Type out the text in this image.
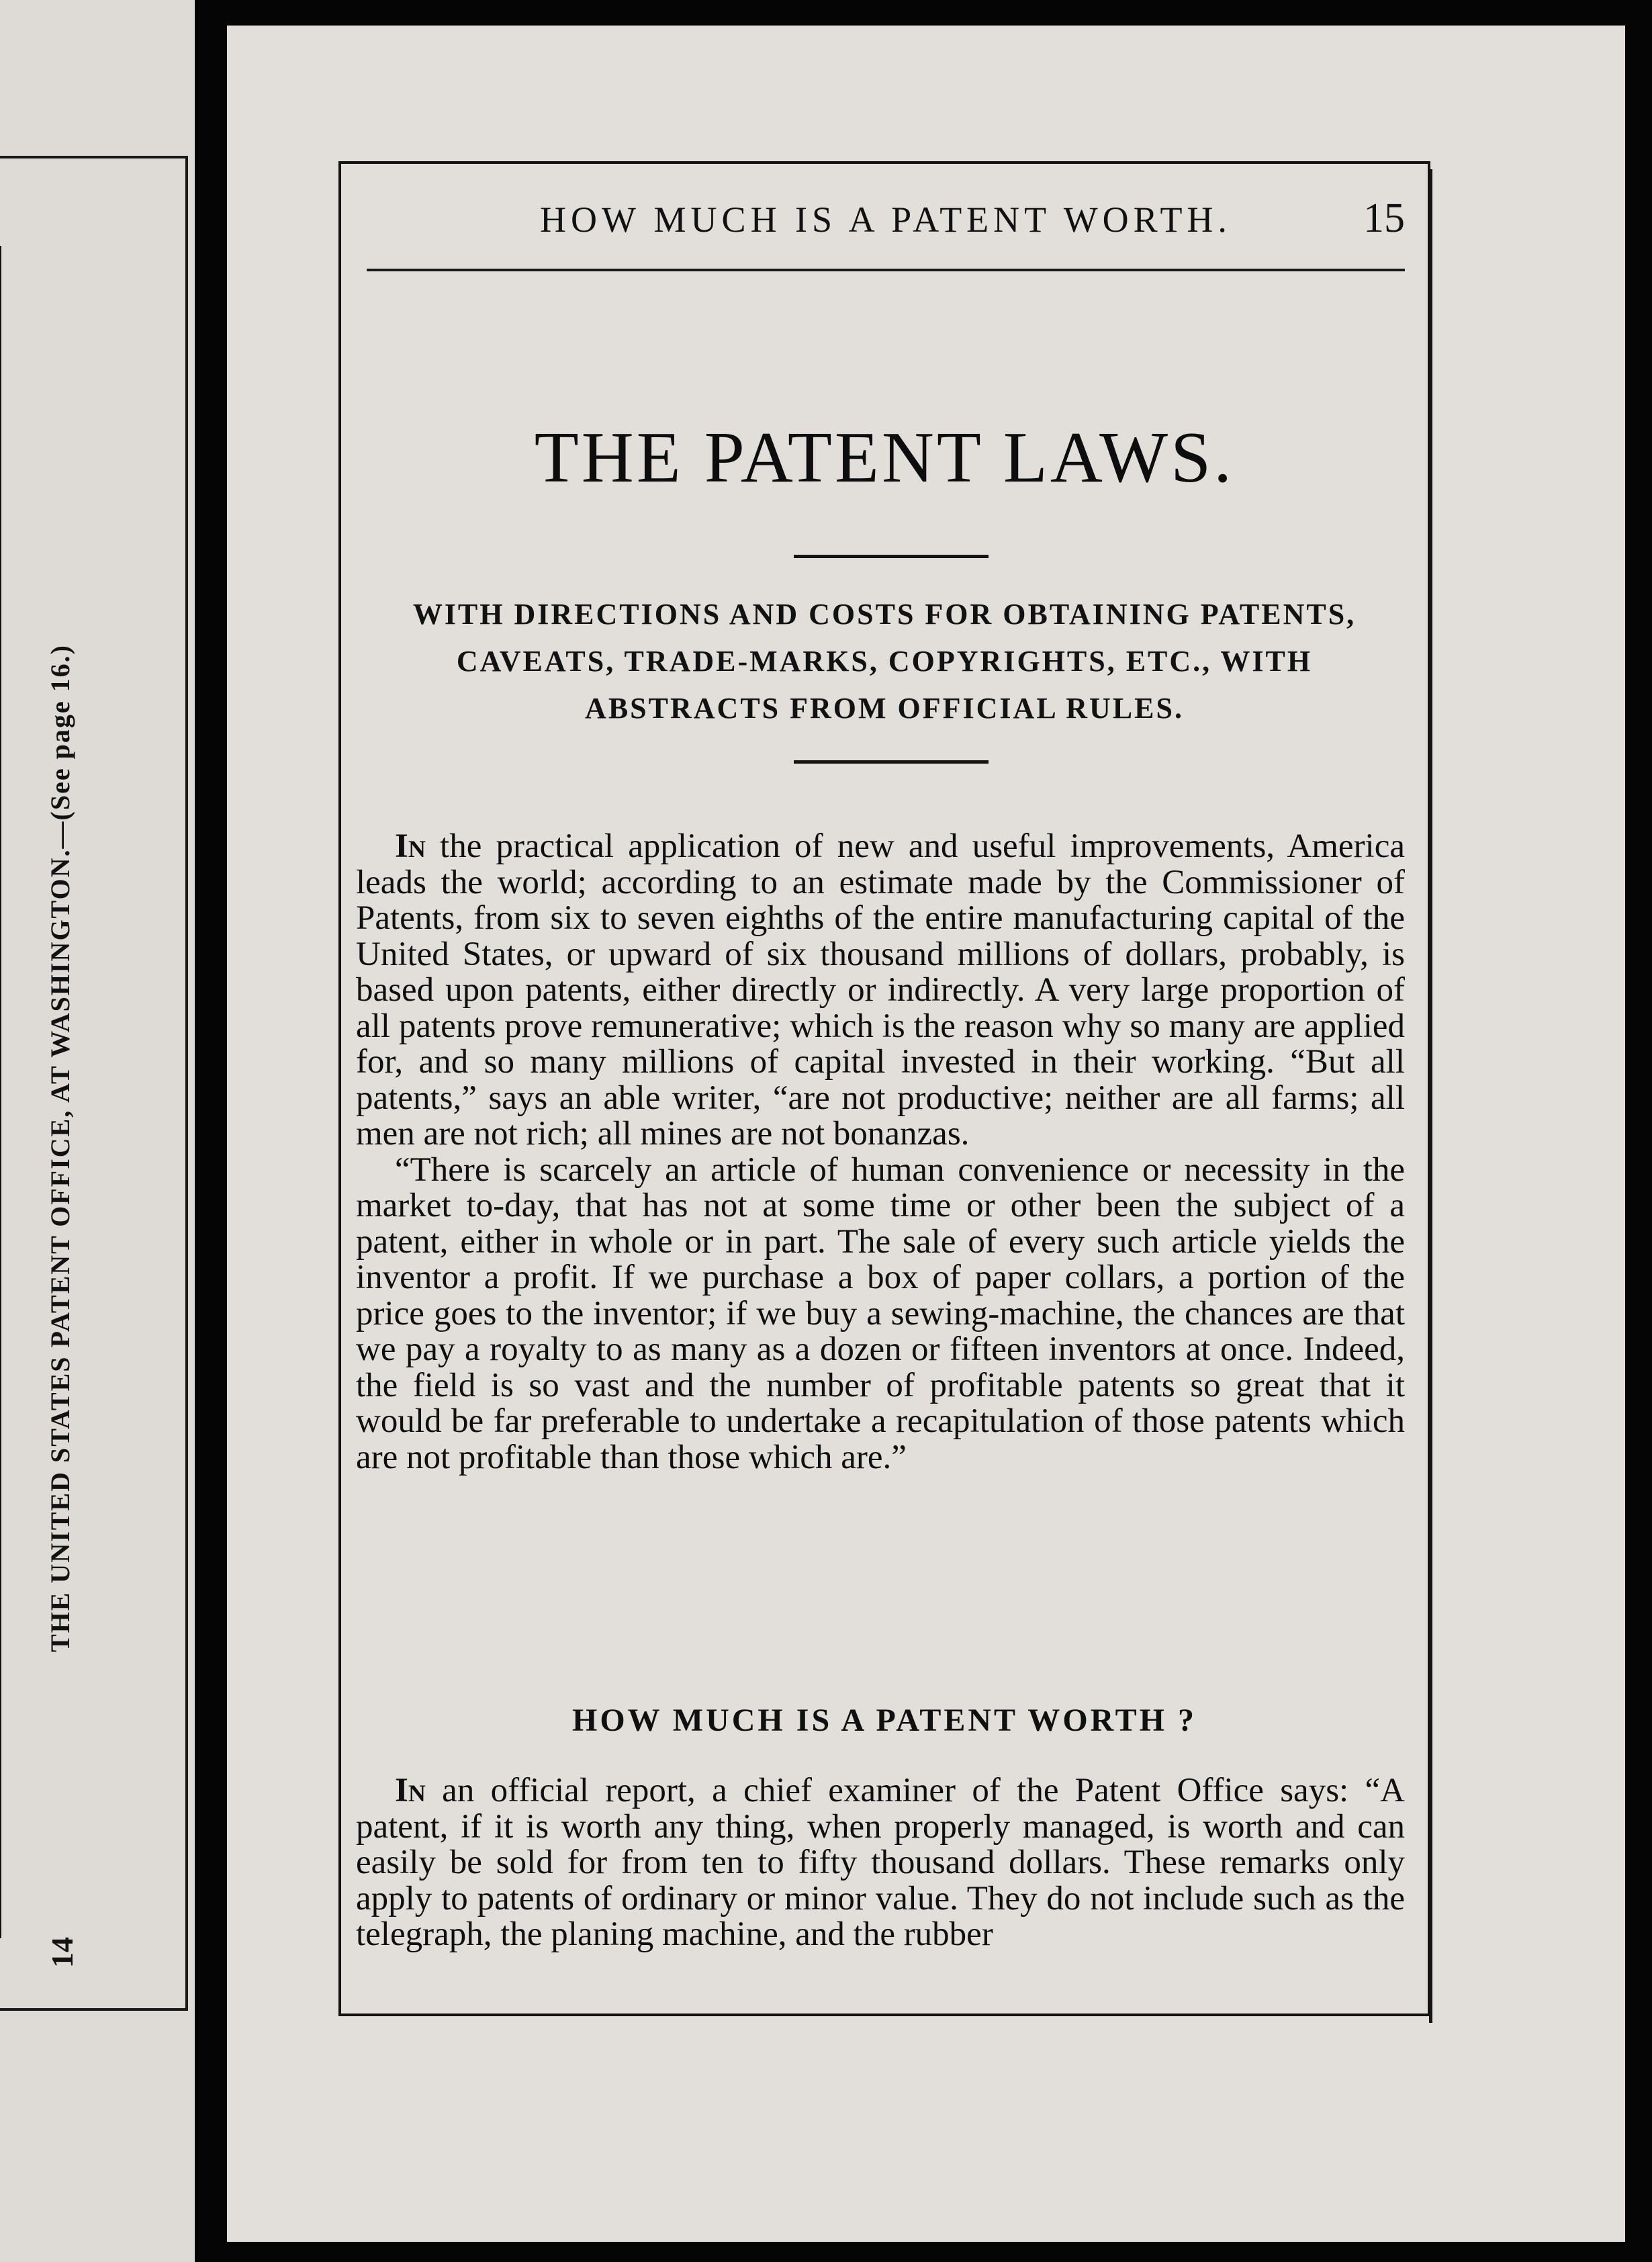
THE UNITED STATES PATENT OFFICE, AT WASHINGTON.—(See page 16.)
14
HOW MUCH IS A PATENT WORTH.	15
THE PATENT LAWS.
WITH DIRECTIONS AND COSTS FOR OBTAINING PATENTS,
CAVEATS, TRADE-MARKS, COPYRIGHTS, ETC., WITH
ABSTRACTS FROM OFFICIAL RULES.

In the practical application of new and useful improvements, America leads the world; according to an estimate made by the Commissioner of Patents, from six to seven eighths of the entire manufacturing capital of the United States, or upward of six thousand millions of dollars, probably, is based upon patents, either directly or indirectly. A very large proportion of all patents prove remunerative; which is the reason why so many are applied for, and so many millions of capital invested in their working. “But all patents,” says an able writer, “are not productive; neither are all farms; all men are not rich; all mines are not bonanzas.

“There is scarcely an article of human convenience or necessity in the market to-day, that has not at some time or other been the subject of a patent, either in whole or in part. The sale of every such article yields the inventor a profit. If we purchase a box of paper collars, a portion of the price goes to the inventor; if we buy a sewing-machine, the chances are that we pay a royalty to as many as a dozen or fifteen inventors at once. Indeed, the field is so vast and the number of profitable patents so great that it would be far preferable to undertake a recapitulation of those patents which are not profitable than those which are.”

HOW MUCH IS A PATENT WORTH ?

In an official report, a chief examiner of the Patent Office says: “A patent, if it is worth any thing, when properly managed, is worth and can easily be sold for from ten to fifty thousand dollars. These remarks only apply to patents of ordinary or minor value. They do not include such as the telegraph, the planing machine, and the rubber
